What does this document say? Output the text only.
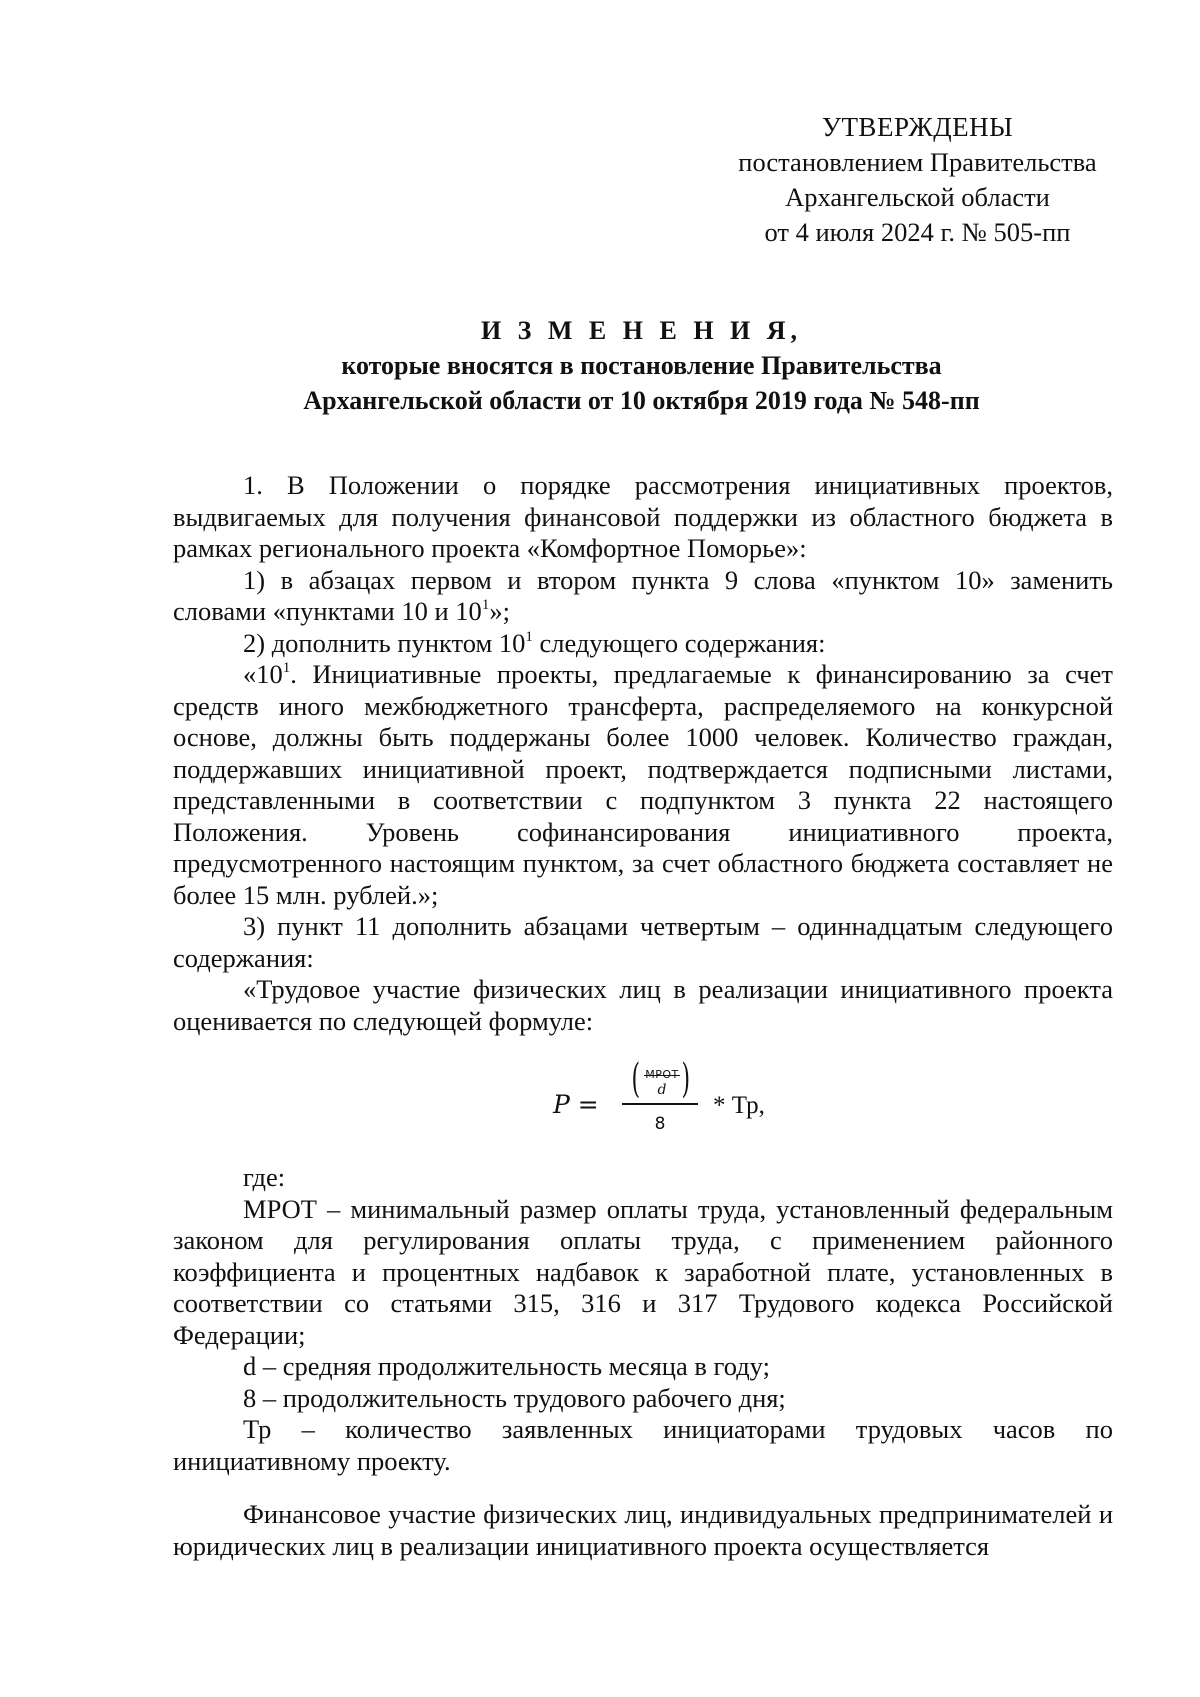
УТВЕРЖДЕНЫ
постановлением Правительства
Архангельской области
от 4 июля 2024 г. № 505-пп
И З М Е Н Е Н И Я,
которые вносятся в постановление Правительства
Архангельской области от 10 октября 2019 года № 548-пп

1. В Положении о порядке рассмотрения инициативных проектов, выдвигаемых для получения финансовой поддержки из областного бюджета в рамках регионального проекта «Комфортное Поморье»:

1) в абзацах первом и втором пункта 9 слова «пунктом 10» заменить словами «пунктами 10 и $10^1$»;

2) дополнить пунктом $10^1$ следующего содержания:

«$10^1$. Инициативные проекты, предлагаемые к финансированию за счет средств иного межбюджетного трансферта, распределяемого на конкурсной основе, должны быть поддержаны более 1000 человек. Количество граждан, поддержавших инициативной проект, подтверждается подписными листами, представленными в соответствии с подпунктом 3 пункта 22 настоящего Положения. Уровень софинансирования инициативного проекта, предусмотренного настоящим пунктом, за счет областного бюджета составляет не более 15 млн. рублей.»;

3) пункт 11 дополнить абзацами четвертым – одиннадцатым следующего содержания:

«Трудовое участие физических лиц в реализации инициативного проекта оценивается по следующей формуле:

P =
(	d )
8
* Тр,

где:

МРОТ – минимальный размер оплаты труда, установленный федеральным законом для регулирования оплаты труда, с применением районного коэффициента и процентных надбавок к заработной плате, установленных в соответствии со статьями 315, 316 и 317 Трудового кодекса Российской Федерации;

d – средняя продолжительность месяца в году;

8 – продолжительность трудового рабочего дня;

Тр – количество заявленных инициаторами трудовых часов по инициативному проекту.

Финансовое участие физических лиц, индивидуальных предпринимателей и юридических лиц в реализации инициативного проекта осуществляется
